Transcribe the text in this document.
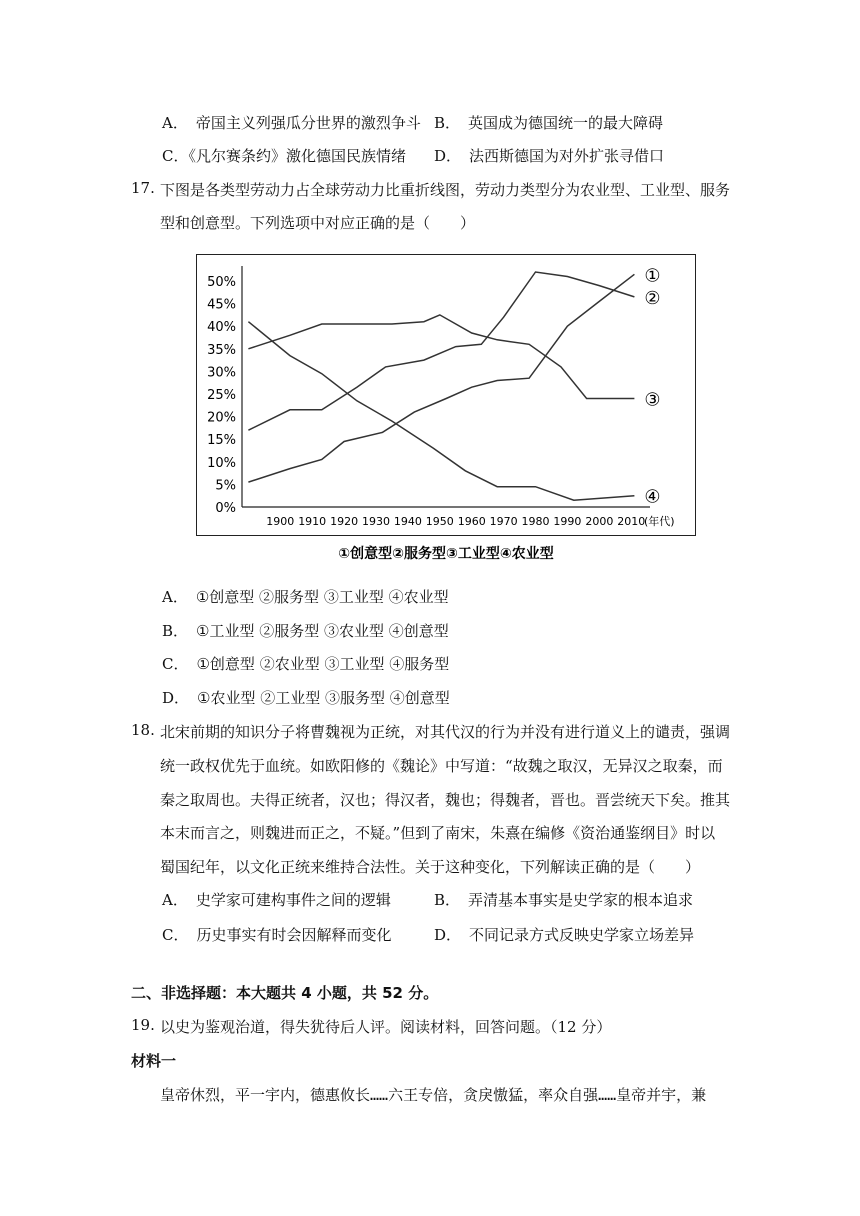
A． 帝国主义列强瓜分世界的激烈争斗 B． 英国成为德国统一的最大障碍
C．《凡尔赛条约》激化德国民族情绪 D． 法西斯德国为对外扩张寻借口
17. 下图是各类型劳动力占全球劳动力比重折线图，劳动力类型分为农业型、工业型、服务
型和创意型。下列选项中对应正确的是（　　）
①
②
③
④
0%
5%
10%
15%
20%
25%
30%
35%
40%
45%
50%
1900 1910 1920 1930 1940 1950 1960 1970 1980 1990 2000 2010
(年代)
①创意型②服务型③工业型④农业型
A． ①创意型 ②服务型 ③工业型 ④农业型
B． ①工业型 ②服务型 ③农业型 ④创意型
C． ①创意型 ②农业型 ③工业型 ④服务型
D． ①农业型 ②工业型 ③服务型 ④创意型
18. 北宋前期的知识分子将曹魏视为正统，对其代汉的行为并没有进行道义上的谴责，强调
统一政权优先于血统。如欧阳修的《魏论》中写道：“故魏之取汉，无异汉之取秦，而
秦之取周也。夫得正统者，汉也；得汉者，魏也；得魏者，晋也。晋尝统天下矣。推其
本末而言之，则魏进而正之，不疑。”但到了南宋，朱熹在编修《资治通鉴纲目》时以
蜀国纪年，以文化正统来维持合法性。关于这种变化，下列解读正确的是（　　）
A． 史学家可建构事件之间的逻辑	B． 弄清基本事实是史学家的根本追求
C． 历史事实有时会因解释而变化	D． 不同记录方式反映史学家立场差异
二、非选择题：本大题共 4 小题，共 52 分。
19. 以史为鉴观治道，得失犹待后人评。阅读材料，回答问题。（12 分）
材料一
皇帝休烈，平一宇内，德惠攸长……六王专倍，贪戾慠猛，率众自强……皇帝并宇，兼
